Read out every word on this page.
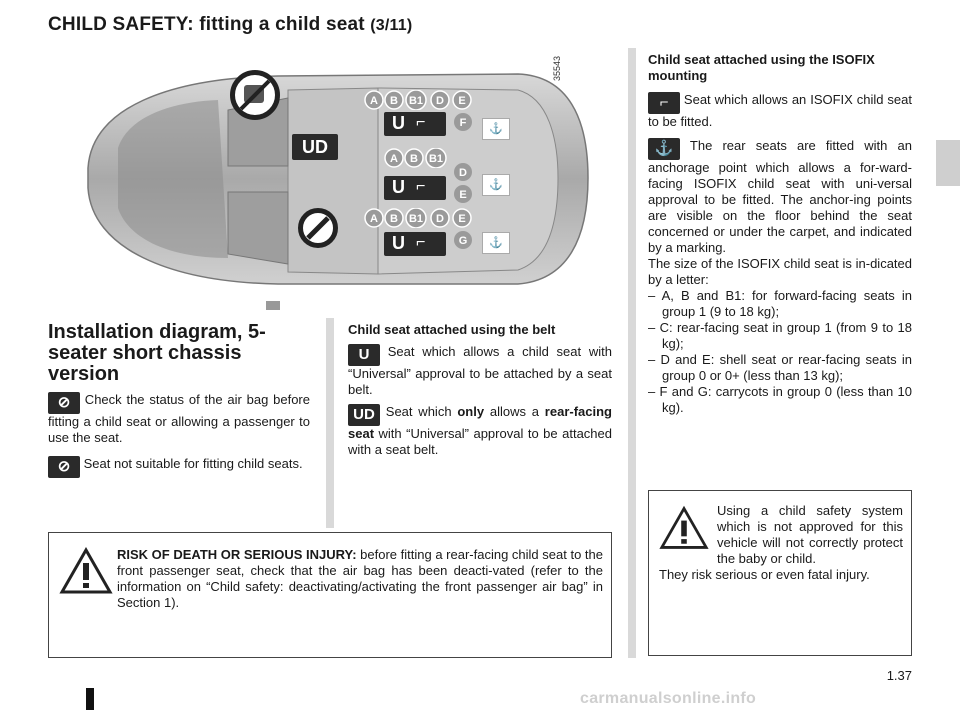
CHILD SAFETY: fitting a child seat (3/11)
UD
A B B1 D E
F
U ⌐	⚓
A B B1
D
E
U ⌐	⚓
A B B1 D E
G
U ⌐	⚓
35543
Installation diagram, 5-seater short chassis version

⊘ Check the status of the air bag before fitting a child seat or allowing a passenger to use the seat.

⊘ Seat not suitable for fitting child seats.

Child seat attached using the belt

U Seat which allows a child seat with “Universal” approval to be attached by a seat belt.

UD Seat which only allows a rear-facing seat with “Universal” approval to be attached with a seat belt.

Child seat attached using the ISOFIX mounting

⌐ Seat which allows an ISOFIX child seat to be fitted.

⚓ The rear seats are fitted with an anchorage point which allows a for-ward-facing ISOFIX child seat with uni-versal approval to be fitted. The anchor-ing points are visible on the floor behind the seat concerned or under the carpet, and indicated by a marking.

The size of the ISOFIX child seat is in-dicated by a letter:

– A, B and B1: for forward-facing seats in group 1 (9 to 18 kg);
– C: rear-facing seat in group 1 (from 9 to 18 kg);
– D and E: shell seat or rear-facing seats in group 0 or 0+ (less than 13 kg);
– F and G: carrycots in group 0 (less than 10 kg).
RISK OF DEATH OR SERIOUS INJURY: before fitting a rear-facing child seat to the front passenger seat, check that the air bag has been deacti-vated (refer to the information on “Child safety: deactivating/activating the front passenger air bag” in Section 1).
Using a child safety system which is not approved for this vehicle will not correctly protect the baby or child.
They risk serious or even fatal injury.
1.37
carmanualsonline.info
